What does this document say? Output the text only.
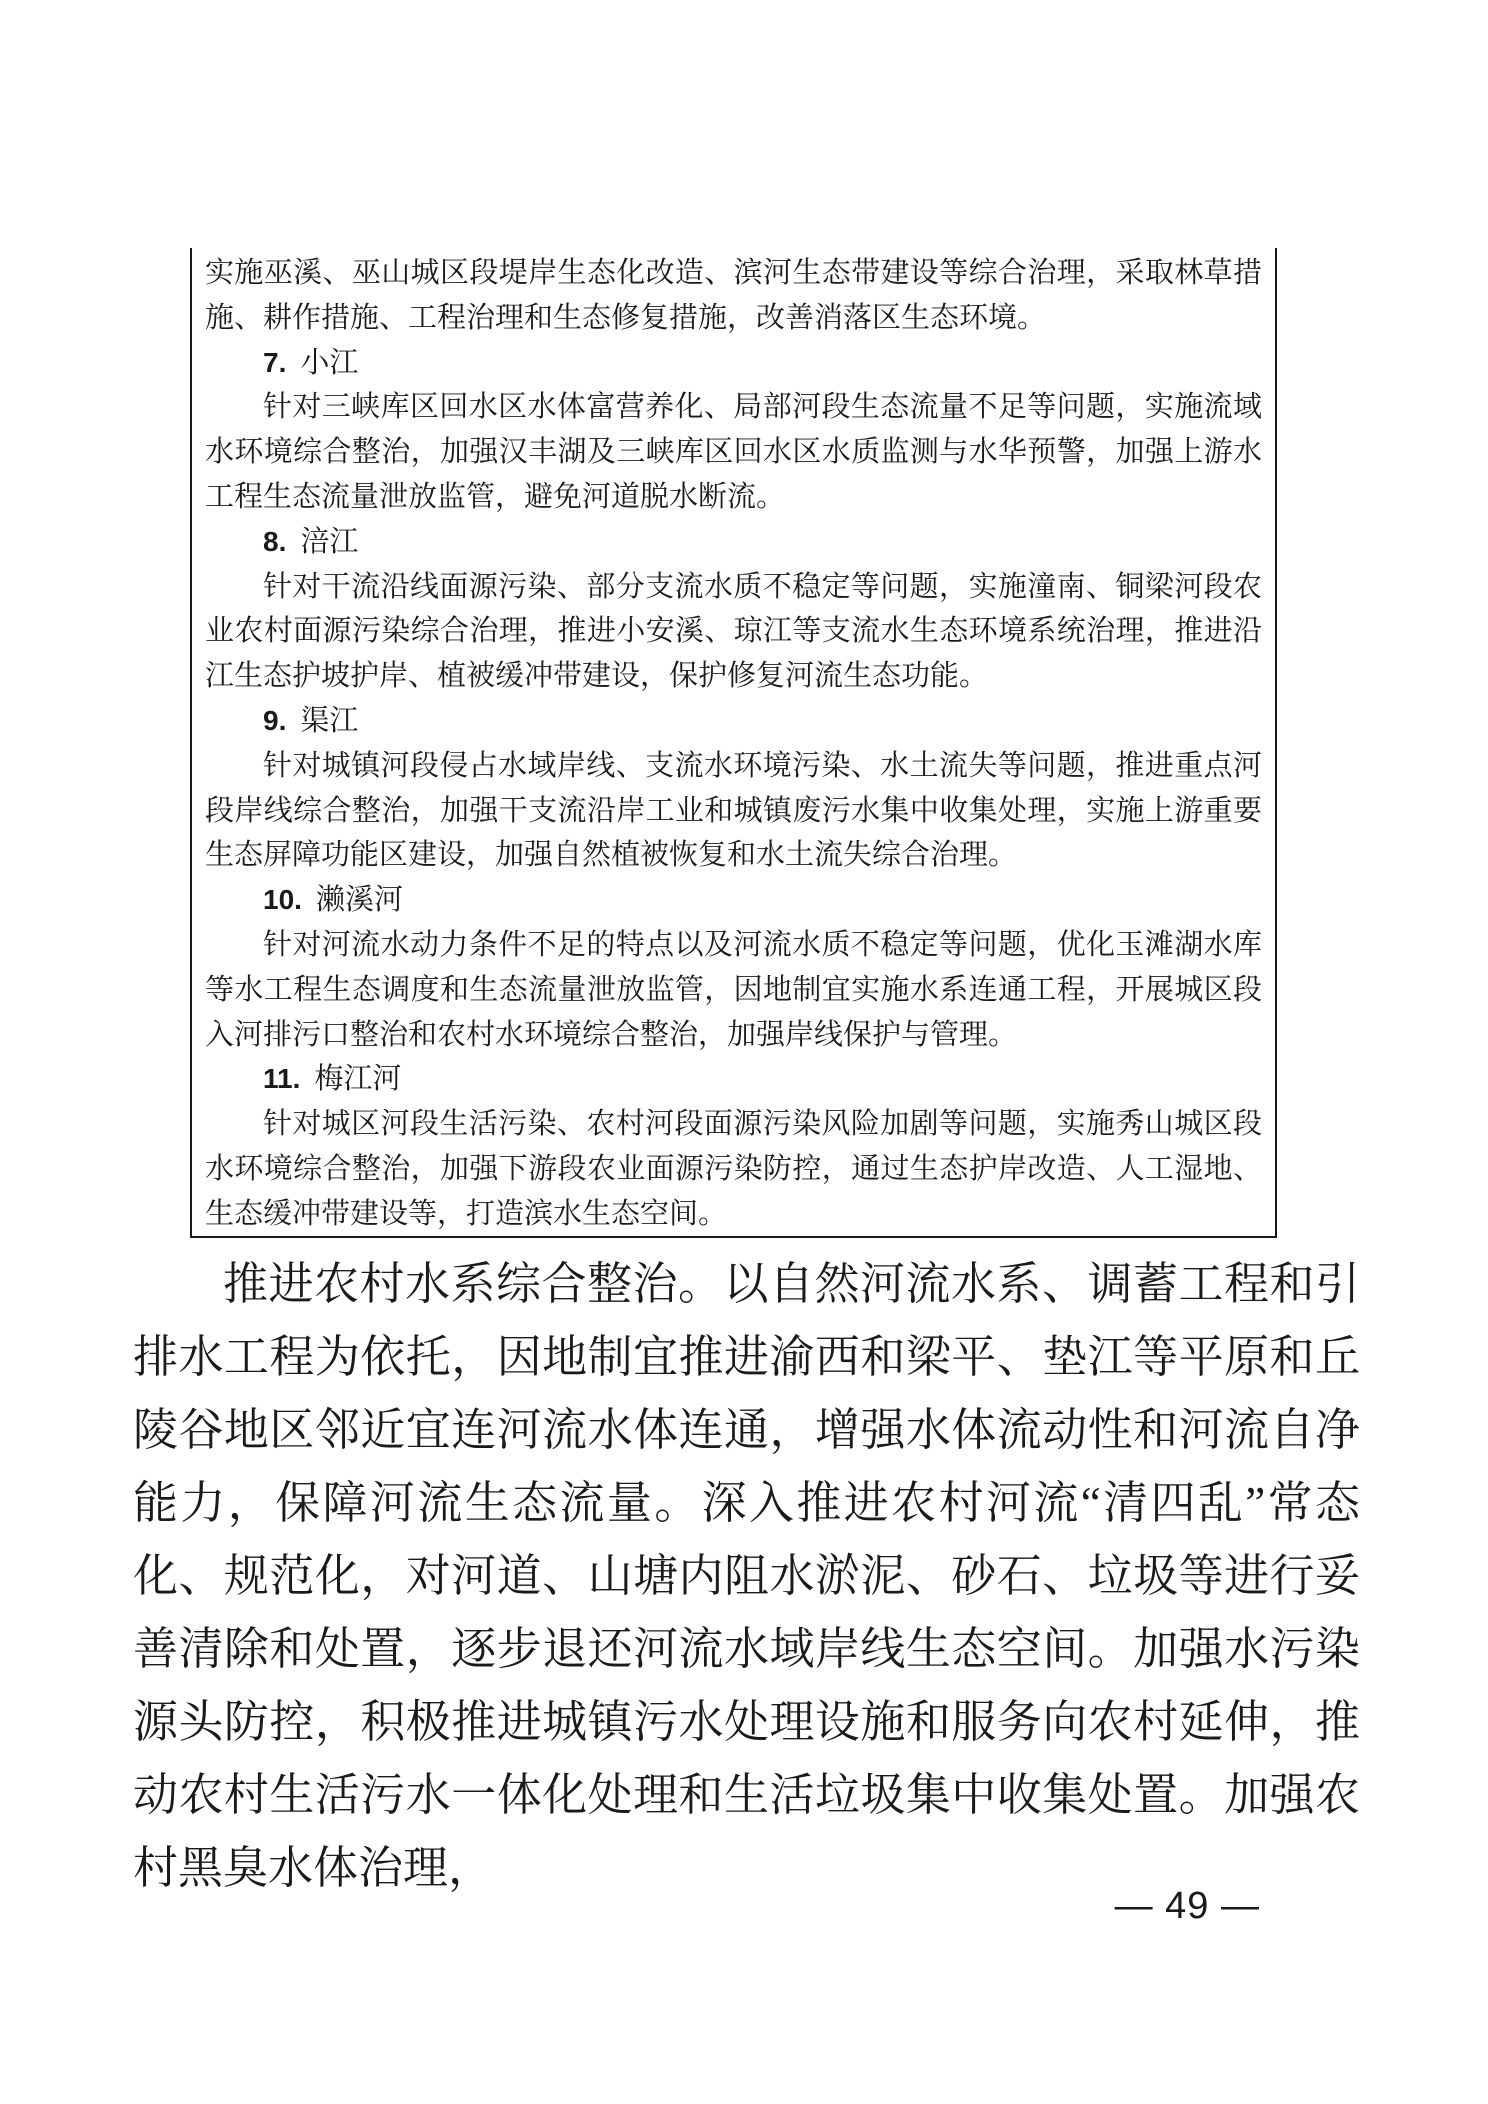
实施巫溪、巫山城区段堤岸生态化改造、滨河生态带建设等综合治理，采取林草措施、耕作措施、工程治理和生态修复措施，改善消落区生态环境。

7. 小江

针对三峡库区回水区水体富营养化、局部河段生态流量不足等问题，实施流域水环境综合整治，加强汉丰湖及三峡库区回水区水质监测与水华预警，加强上游水工程生态流量泄放监管，避免河道脱水断流。

8. 涪江

针对干流沿线面源污染、部分支流水质不稳定等问题，实施潼南、铜梁河段农业农村面源污染综合治理，推进小安溪、琼江等支流水生态环境系统治理，推进沿江生态护坡护岸、植被缓冲带建设，保护修复河流生态功能。

9. 渠江

针对城镇河段侵占水域岸线、支流水环境污染、水土流失等问题，推进重点河段岸线综合整治，加强干支流沿岸工业和城镇废污水集中收集处理，实施上游重要生态屏障功能区建设，加强自然植被恢复和水土流失综合治理。

10. 濑溪河

针对河流水动力条件不足的特点以及河流水质不稳定等问题，优化玉滩湖水库等水工程生态调度和生态流量泄放监管，因地制宜实施水系连通工程，开展城区段入河排污口整治和农村水环境综合整治，加强岸线保护与管理。

11. 梅江河

针对城区河段生活污染、农村河段面源污染风险加剧等问题，实施秀山城区段水环境综合整治，加强下游段农业面源污染防控，通过生态护岸改造、人工湿地、生态缓冲带建设等，打造滨水生态空间。

推进农村水系综合整治。以自然河流水系、调蓄工程和引排水工程为依托，因地制宜推进渝西和梁平、垫江等平原和丘陵谷地区邻近宜连河流水体连通，增强水体流动性和河流自净能力，保障河流生态流量。深入推进农村河流“清四乱”常态化、规范化，对河道、山塘内阻水淤泥、砂石、垃圾等进行妥善清除和处置，逐步退还河流水域岸线生态空间。加强水污染源头防控，积极推进城镇污水处理设施和服务向农村延伸，推动农村生活污水一体化处理和生活垃圾集中收集处置。加强农村黑臭水体治理，

— 49 —
